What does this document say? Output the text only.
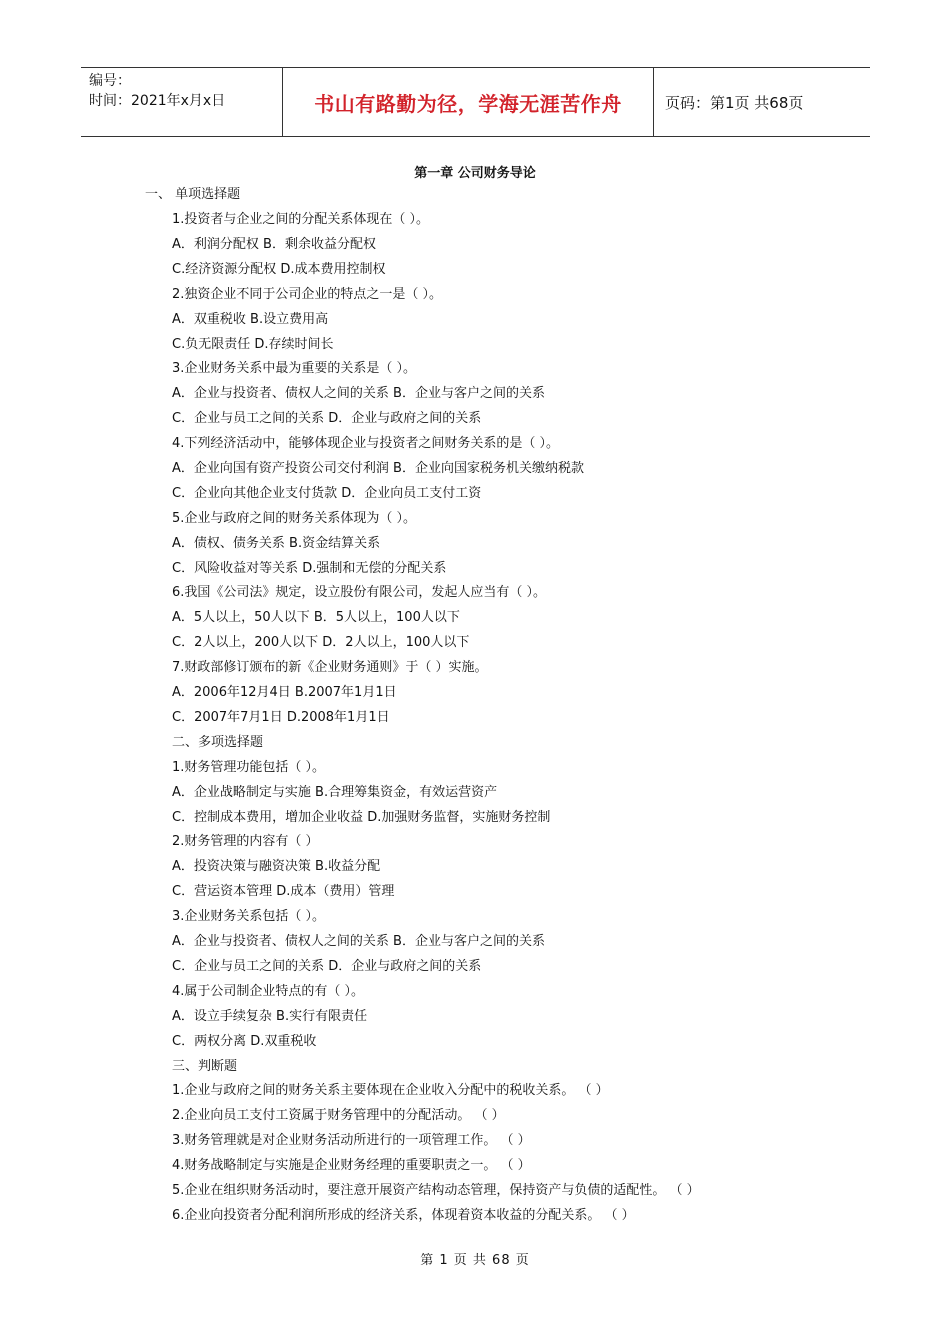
编号：
时间：2021年x月x日	书山有路勤为径，学海无涯苦作舟	页码：第1页 共68页
第一章 公司财务导论
一、 单项选择题
1.投资者与企业之间的分配关系体现在（ ）。
A．利润分配权 B．剩余收益分配权
C.经济资源分配权 D.成本费用控制权
2.独资企业不同于公司企业的特点之一是（ ）。
A．双重税收 B.设立费用高
C.负无限责任 D.存续时间长
3.企业财务关系中最为重要的关系是（ ）。
A．企业与投资者、债权人之间的关系 B．企业与客户之间的关系
C．企业与员工之间的关系 D．企业与政府之间的关系
4.下列经济活动中，能够体现企业与投资者之间财务关系的是（ ）。
A．企业向国有资产投资公司交付利润 B．企业向国家税务机关缴纳税款
C．企业向其他企业支付货款 D．企业向员工支付工资
5.企业与政府之间的财务关系体现为（ ）。
A．债权、债务关系 B.资金结算关系
C．风险收益对等关系 D.强制和无偿的分配关系
6.我国《公司法》规定，设立股份有限公司，发起人应当有（ ）。
A．5人以上，50人以下 B．5人以上，100人以下
C．2人以上，200人以下 D．2人以上，100人以下
7.财政部修订颁布的新《企业财务通则》于（ ）实施。
A．2006年12月4日 B.2007年1月1日
C．2007年7月1日 D.2008年1月1日
二、多项选择题
1.财务管理功能包括（ ）。
A．企业战略制定与实施 B.合理筹集资金，有效运营资产
C．控制成本费用，增加企业收益 D.加强财务监督，实施财务控制
2.财务管理的内容有（ ）
A．投资决策与融资决策 B.收益分配
C．营运资本管理 D.成本（费用）管理
3.企业财务关系包括（ ）。
A．企业与投资者、债权人之间的关系 B．企业与客户之间的关系
C．企业与员工之间的关系 D．企业与政府之间的关系
4.属于公司制企业特点的有（ ）。
A．设立手续复杂 B.实行有限责任
C．两权分离 D.双重税收
三、判断题
1.企业与政府之间的财务关系主要体现在企业收入分配中的税收关系。 （ ）
2.企业向员工支付工资属于财务管理中的分配活动。 （ ）
3.财务管理就是对企业财务活动所进行的一项管理工作。 （ ）
4.财务战略制定与实施是企业财务经理的重要职责之一。 （ ）
5.企业在组织财务活动时，要注意开展资产结构动态管理，保持资产与负债的适配性。 （ ）
6.企业向投资者分配利润所形成的经济关系，体现着资本收益的分配关系。 （ ）
第 1 页 共 68 页
